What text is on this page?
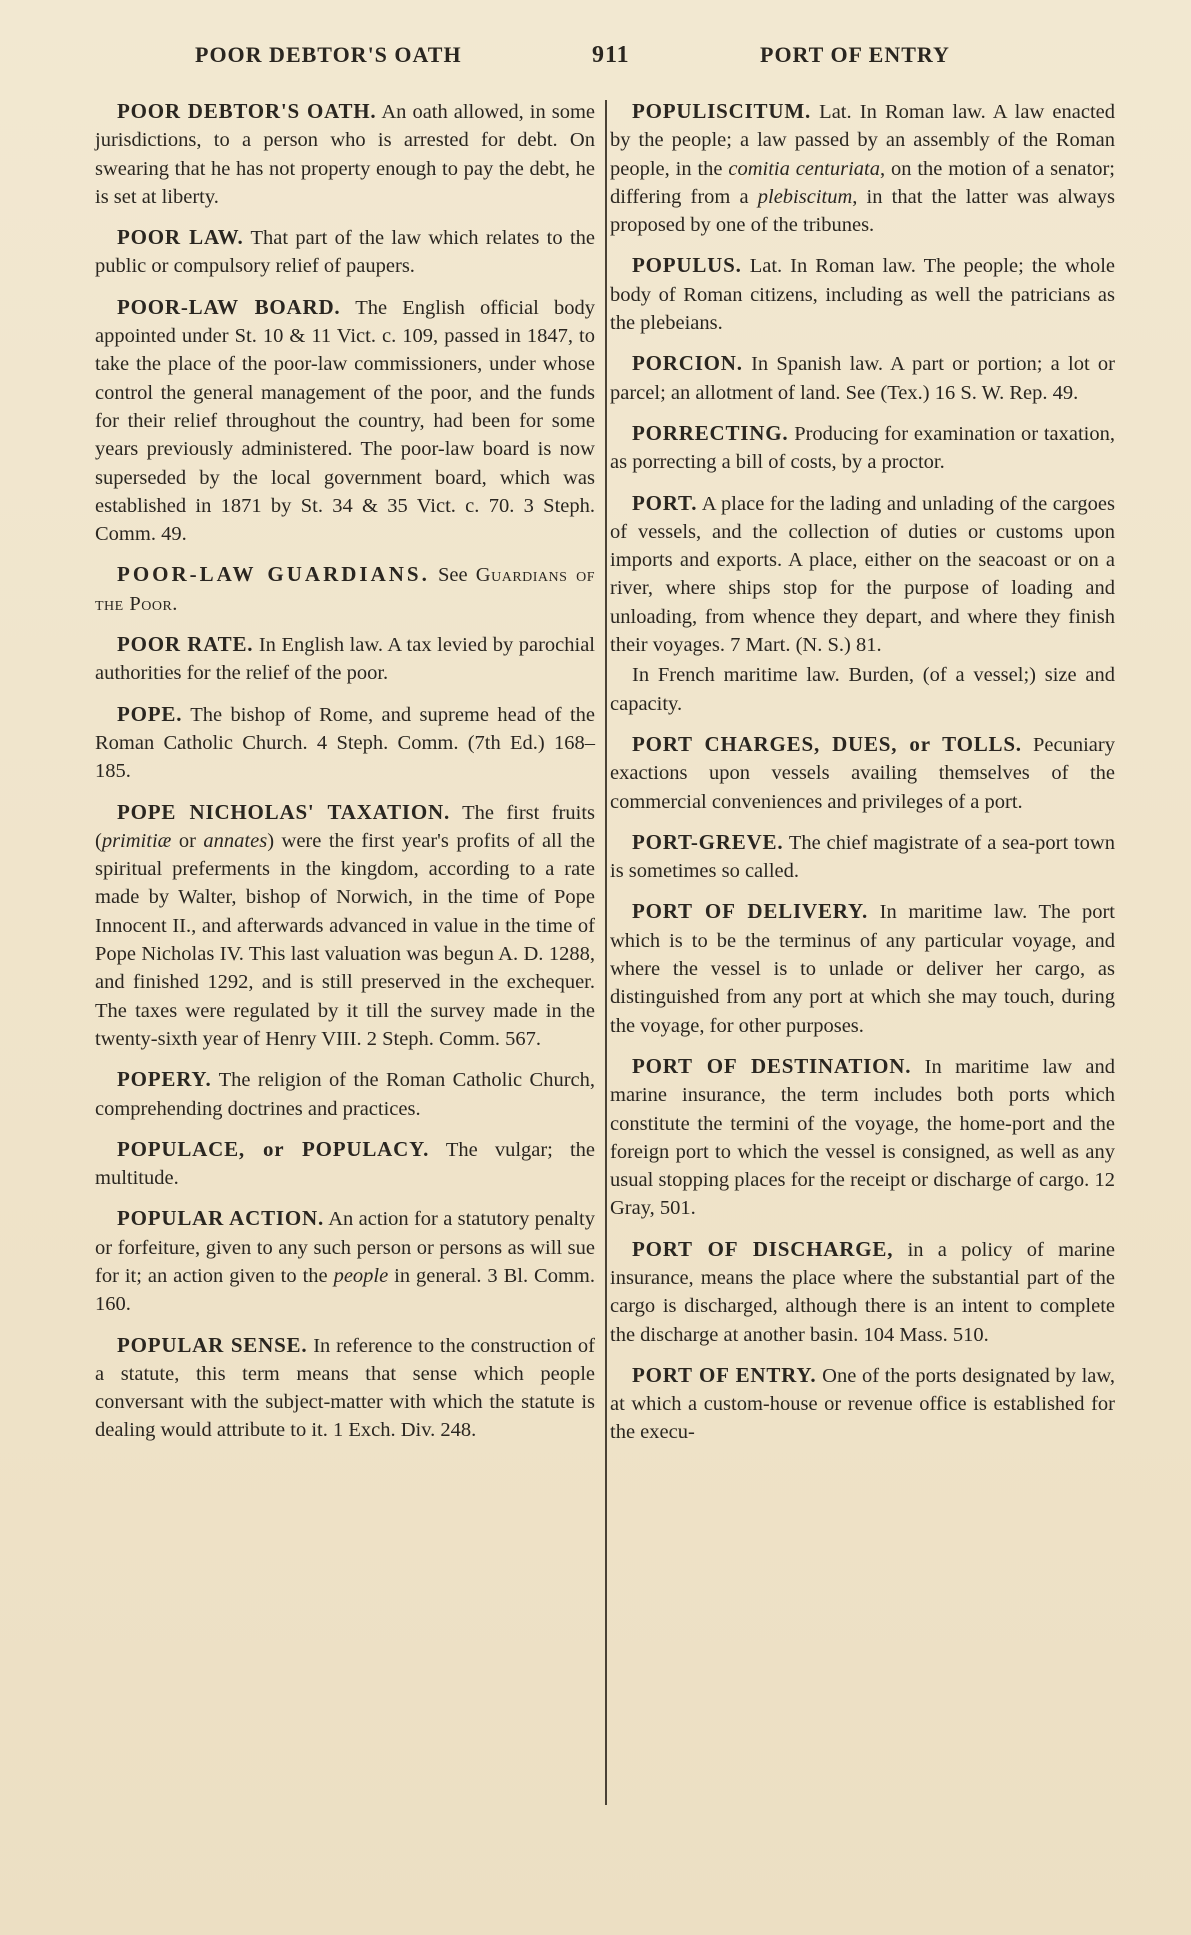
POOR DEBTOR'S OATH	911	PORT OF ENTRY

POOR DEBTOR'S OATH. An oath allowed, in some jurisdictions, to a person who is arrested for debt. On swearing that he has not property enough to pay the debt, he is set at liberty.

POOR LAW. That part of the law which relates to the public or compulsory relief of paupers.

POOR-LAW BOARD. The English official body appointed under St. 10 & 11 Vict. c. 109, passed in 1847, to take the place of the poor-law commissioners, under whose control the general management of the poor, and the funds for their relief throughout the country, had been for some years previously administered. The poor-law board is now superseded by the local government board, which was established in 1871 by St. 34 & 35 Vict. c. 70. 3 Steph. Comm. 49.

POOR-LAW GUARDIANS. See Guardians of the Poor.

POOR RATE. In English law. A tax levied by parochial authorities for the relief of the poor.

POPE. The bishop of Rome, and supreme head of the Roman Catholic Church. 4 Steph. Comm. (7th Ed.) 168–185.

POPE NICHOLAS' TAXATION. The first fruits (primitiæ or annates) were the first year's profits of all the spiritual preferments in the kingdom, according to a rate made by Walter, bishop of Norwich, in the time of Pope Innocent II., and afterwards advanced in value in the time of Pope Nicholas IV. This last valuation was begun A. D. 1288, and finished 1292, and is still preserved in the exchequer. The taxes were regulated by it till the survey made in the twenty-sixth year of Henry VIII. 2 Steph. Comm. 567.

POPERY. The religion of the Roman Catholic Church, comprehending doctrines and practices.

POPULACE, or POPULACY. The vulgar; the multitude.

POPULAR ACTION. An action for a statutory penalty or forfeiture, given to any such person or persons as will sue for it; an action given to the people in general. 3 Bl. Comm. 160.

POPULAR SENSE. In reference to the construction of a statute, this term means that sense which people conversant with the subject-matter with which the statute is dealing would attribute to it. 1 Exch. Div. 248.

POPULISCITUM. Lat. In Roman law. A law enacted by the people; a law passed by an assembly of the Roman people, in the comitia centuriata, on the motion of a senator; differing from a plebiscitum, in that the latter was always proposed by one of the tribunes.

POPULUS. Lat. In Roman law. The people; the whole body of Roman citizens, including as well the patricians as the plebeians.

PORCION. In Spanish law. A part or portion; a lot or parcel; an allotment of land. See (Tex.) 16 S. W. Rep. 49.

PORRECTING. Producing for examination or taxation, as porrecting a bill of costs, by a proctor.

PORT. A place for the lading and unlading of the cargoes of vessels, and the collection of duties or customs upon imports and exports. A place, either on the seacoast or on a river, where ships stop for the purpose of loading and unloading, from whence they depart, and where they finish their voyages. 7 Mart. (N. S.) 81.

In French maritime law. Burden, (of a vessel;) size and capacity.

PORT CHARGES, DUES, or TOLLS. Pecuniary exactions upon vessels availing themselves of the commercial conveniences and privileges of a port.

PORT-GREVE. The chief magistrate of a sea-port town is sometimes so called.

PORT OF DELIVERY. In maritime law. The port which is to be the terminus of any particular voyage, and where the vessel is to unlade or deliver her cargo, as distinguished from any port at which she may touch, during the voyage, for other purposes.

PORT OF DESTINATION. In maritime law and marine insurance, the term includes both ports which constitute the termini of the voyage, the home-port and the foreign port to which the vessel is consigned, as well as any usual stopping places for the receipt or discharge of cargo. 12 Gray, 501.

PORT OF DISCHARGE, in a policy of marine insurance, means the place where the substantial part of the cargo is discharged, although there is an intent to complete the discharge at another basin. 104 Mass. 510.

PORT OF ENTRY. One of the ports designated by law, at which a custom-house or revenue office is established for the execu-
